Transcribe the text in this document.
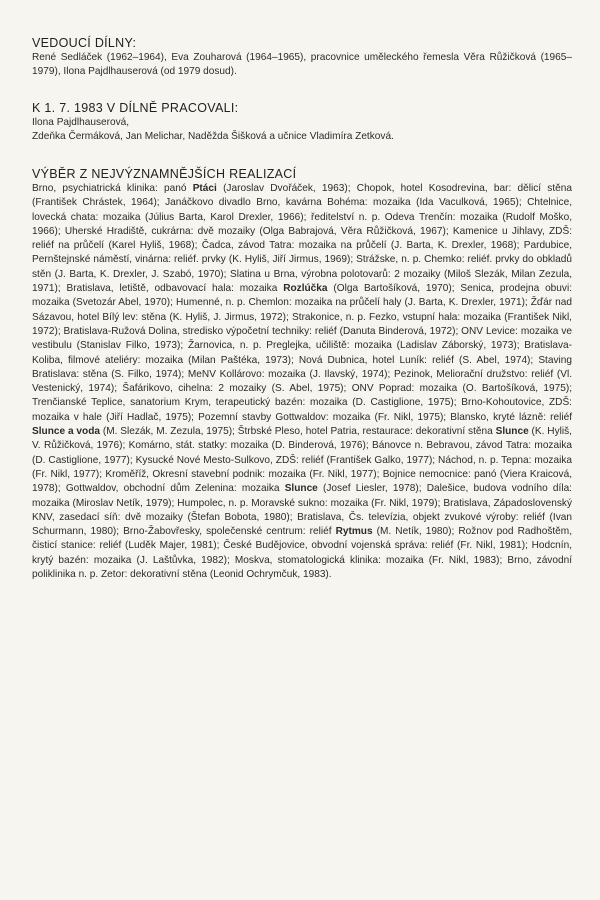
VEDOUCÍ DÍLNY:

René Sedláček (1962–1964), Eva Zouharová (1964–1965), pracovnice uměleckého řemesla Věra Růžičková (1965–1979), Ilona Pajdlhauserová (od 1979 dosud).

K 1. 7. 1983 V DÍLNĚ PRACOVALI:

Ilona Pajdlhauserová,

Zdeňka Čermáková, Jan Melichar, Naděžda Šišková a učnice Vladimíra Zetková.

VÝBĚR Z NEJVÝZNAMNĚJŠÍCH REALIZACÍ

Brno, psychiatrická klinika: panó Ptáci (Jaroslav Dvořáček, 1963); Chopok, hotel Kosodrevina, bar: dělicí stěna (František Chrástek, 1964); Janáčkovo divadlo Brno, kavárna Bohéma: mozaika (Ida Vaculková, 1965); Chtelnice, lovecká chata: mozaika (Július Barta, Karol Drexler, 1966); ředitelství n. p. Odeva Trenčín: mozaika (Rudolf Moško, 1966); Uherské Hradiště, cukrárna: dvě mozaiky (Olga Babrajová, Věra Růžičková, 1967); Kamenice u Jihlavy, ZDŠ: reliéf na průčelí (Karel Hyliš, 1968); Čadca, závod Tatra: mozaika na průčelí (J. Barta, K. Drexler, 1968); Pardubice, Pernštejnské náměstí, vinárna: reliéf. prvky (K. Hyliš, Jiří Jirmus, 1969); Strážske, n. p. Chemko: reliéf. prvky do obkladů stěn (J. Barta, K. Drexler, J. Szabó, 1970); Slatina u Brna, výrobna polotovarů: 2 mozaiky (Miloš Slezák, Milan Zezula, 1971); Bratislava, letiště, odbavovací hala: mozaika Rozlúčka (Olga Bartošíková, 1970); Senica, prodejna obuvi: mozaika (Svetozár Abel, 1970); Humenné, n. p. Chemlon: mozaika na průčelí haly (J. Barta, K. Drexler, 1971); Žďár nad Sázavou, hotel Bílý lev: stěna (K. Hyliš, J. Jirmus, 1972); Strakonice, n. p. Fezko, vstupní hala: mozaika (František Nikl, 1972); Bratislava-Ružová Dolina, stredisko výpočetní techniky: reliéf (Danuta Binderová, 1972); ONV Levice: mozaika ve vestibulu (Stanislav Filko, 1973); Žarnovica, n. p. Preglejka, učiliště: mozaika (Ladislav Záborský, 1973); Bratislava-Koliba, filmové ateliéry: mozaika (Milan Paštéka, 1973); Nová Dubnica, hotel Luník: reliéf (S. Abel, 1974); Staving Bratislava: stěna (S. Filko, 1974); MeNV Kollárovo: mozaika (J. Ilavský, 1974); Pezinok, Meliorační družstvo: reliéf (Vl. Vestenický, 1974); Šafárikovo, cihelna: 2 mozaiky (S. Abel, 1975); ONV Poprad: mozaika (O. Bartošíková, 1975); Trenčianské Teplice, sanatorium Krym, terapeutický bazén: mozaika (D. Castiglione, 1975); Brno-Kohoutovice, ZDŠ: mozaika v hale (Jiří Hadlač, 1975); Pozemní stavby Gottwaldov: mozaika (Fr. Nikl, 1975); Blansko, kryté lázně: reliéf Slunce a voda (M. Slezák, M. Zezula, 1975); Štrbské Pleso, hotel Patria, restaurace: dekorativní stěna Slunce (K. Hyliš, V. Růžičková, 1976); Komárno, stát. statky: mozaika (D. Binderová, 1976); Bánovce n. Bebravou, závod Tatra: mozaika (D. Castiglione, 1977); Kysucké Nové Mesto-Sulkovo, ZDŠ: reliéf (František Galko, 1977); Náchod, n. p. Tepna: mozaika (Fr. Nikl, 1977); Kroměříž, Okresní stavební podnik: mozaika (Fr. Nikl, 1977); Bojnice nemocnice: panó (Viera Kraicová, 1978); Gottwaldov, obchodní dům Zelenina: mozaika Slunce (Josef Liesler, 1978); Dalešice, budova vodního díla: mozaika (Miroslav Netík, 1979); Humpolec, n. p. Moravské sukno: mozaika (Fr. Nikl, 1979); Bratislava, Západoslovenský KNV, zasedací síň: dvě mozaiky (Štefan Bobota, 1980); Bratislava, Čs. televízia, objekt zvukové výroby: reliéf (Ivan Schurmann, 1980); Brno-Žabovřesky, společenské centrum: reliéf Rytmus (M. Netík, 1980); Rožnov pod Radhoštěm, čisticí stanice: reliéf (Luděk Majer, 1981); České Budějovice, obvodní vojenská správa: reliéf (Fr. Nikl, 1981); Hodcnín, krytý bazén: mozaika (J. Laštůvka, 1982); Moskva, stomatologická klinika: mozaika (Fr. Nikl, 1983); Brno, závodní poliklinika n. p. Zetor: dekorativní stěna (Leonid Ochrymčuk, 1983).
